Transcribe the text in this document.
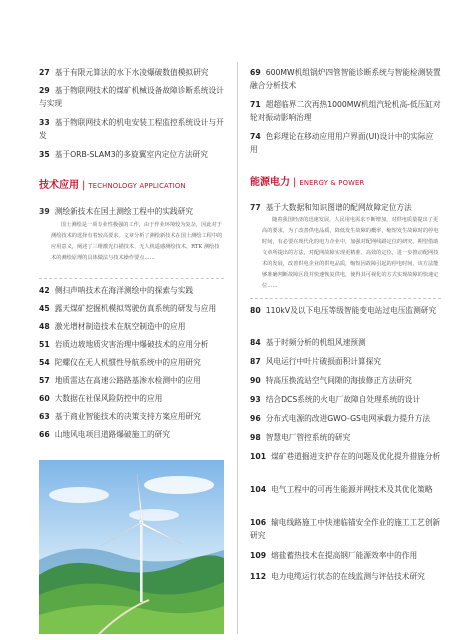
27 基于有限元算法的水下水凌爆破数值模拟研究
29 基于物联网技术的煤矿机械设备故障诊断系统设计与实现
33 基于物联网技术的机电安装工程监控系统设计与开发
35 基于ORB-SLAM3的多旋翼室内定位方法研究
技术应用 | TECHNOLOGY APPLICATION
39 测绘新技术在国土测绘工程中的实践研究
国土测绘是一项专业性极强的工作，由于作业环境较为复杂，因此对于测绘技术的选择有着较高要求。文章分析了测绘新技术在国土测绘工程中的应用意义，阐述了三维激光扫描技术、无人机遥感测绘技术、RTK 测绘技术的测绘原理的具体做法与技术操作要点……
42 侧扫声呐技术在海洋测绘中的探索与实践
45 露天煤矿挖掘机模拟驾驶仿真系统的研发与应用
48 激光增材制造技术在航空制造中的应用
51 岩质边坡地质灾害治理中爆破技术的应用分析
54 陀螺仪在无人机惯性导航系统中的应用研究
57 地质雷达在高速公路路基渗水检测中的应用
60 大数据在社保风险防控中的应用
63 基于商业智能技术的决策支持方案应用研究
66 山地风电项目道路爆破施工的研究
69 600MW机组锅炉四管智能诊断系统与智能检测装置融合分析技术
71 超超临界二次再热1000MW机组汽轮机高-低压缸对轮对振动影响治理
74 色彩理论在移动应用用户界面(UI)设计中的实际应用
能源电力 | ENERGY & POWER
77 基于大数据和知识图谱的配网故障定位方法
随着我国经济的迅速发展，人民用电需求不断增加，对供电质量提出了更高的要求，为了改善供电品质，降低发生故障的概率，缩短发生故障时的停电时间，有必要在现代化的电力企业中，加强对配网线路定位的研究。期望借助文章所提出的方法，对配网故障实现更精准、高效的定位，进一步推动配网技术的发展，改善供电企业的供电品质，缩短因故障引起的停电时间，该方法能够准确判断故障区段并快速恢复供电，使得其可视化的方式实现故障的快速定位……
80 110kV及以下电压等级智能变电站过电压监测研究
84 基于时频分析的机组风速预测
87 风电运行中叶片破损面积计算探究
90 特高压换流站空气间隙的海拔修正方法研究
93 结合DCS系统的火电厂故障自处理系统的设计
96 分布式电源的改进GWO-GS电网承载力提升方法
98 智慧电厂管控系统的研究
101 煤矿巷道掘进支护存在的问题及优化提升措施分析
104 电气工程中的可再生能源并网技术及其优化策略
106 输电线路施工中快速临锚安全作业的施工工艺创新研究
109 熔盐蓄热技术在提高钢厂能源效率中的作用
112 电力电缆运行状态的在线监测与评估技术研究
